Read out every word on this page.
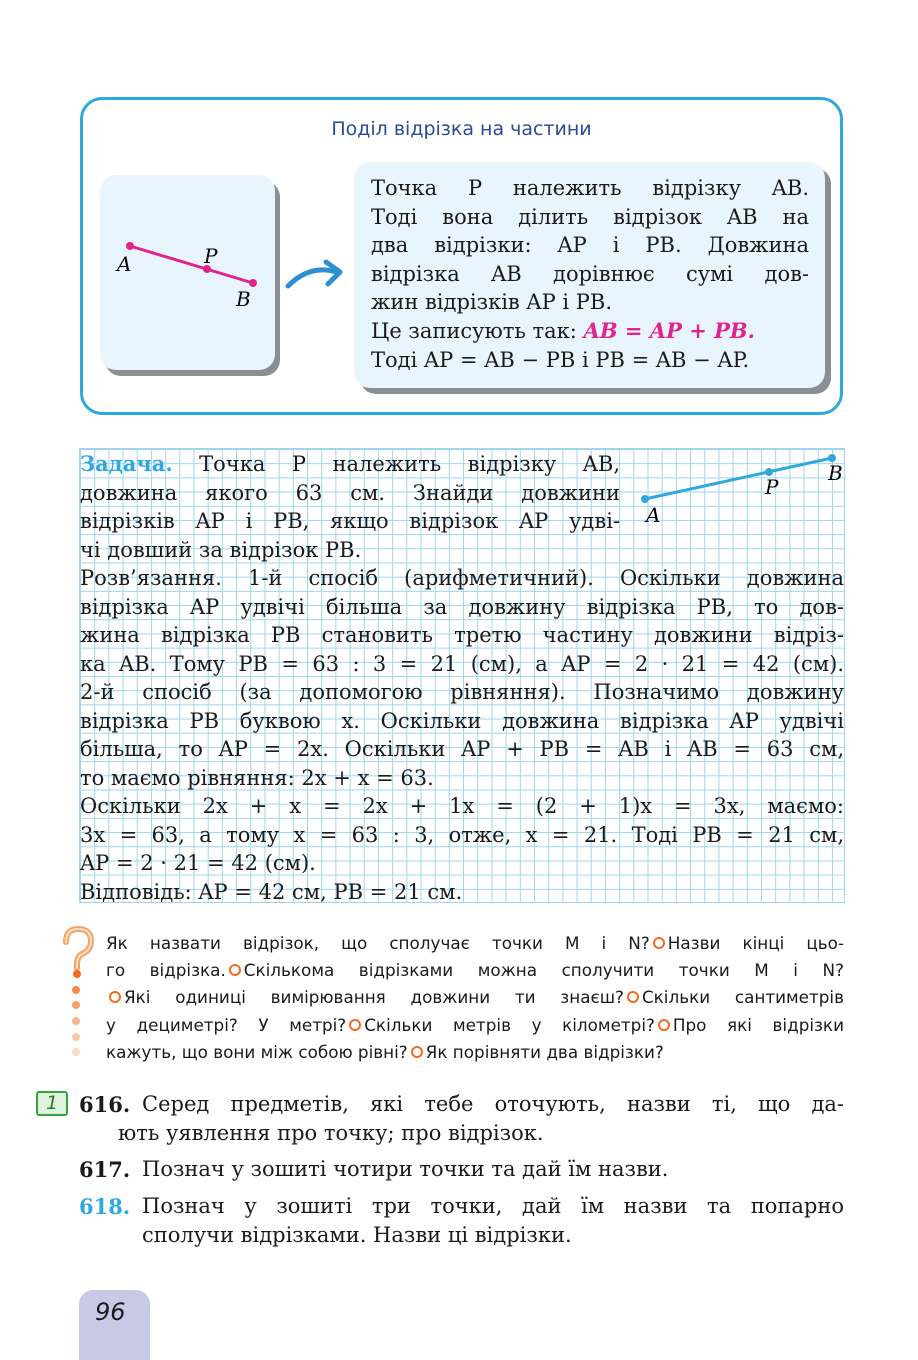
Поділ відрізка на частини
A	P
B

Точка P належить відрізку AB.

Тоді вона ділить відрізок AB на

два відрізки: AP і PB. Довжина

відрізка AB дорівнює сумі дов-

жин відрізків AP і PB.

Це записують так: AB = AP + PB.

Тоді AP = AB − PB і PB = AB − AP.

A
P
B
Задача. Точка P належить відрізку AB,
довжина якого 63 см. Знайди довжини
відрізків AP і PB, якщо відрізок AP удві-
чі довший за відрізок PB.
Розв’язання. 1-й спосіб (арифметичний). Оскільки довжина
відрізка AP удвічі більша за довжину відрізка PB, то дов-
жина відрізка PB становить третю частину довжини відріз-
ка AB. Тому PB = 63 : 3 = 21 (см), а AP = 2 · 21 = 42 (см).
2-й спосіб (за допомогою рівняння). Позначимо довжину
відрізка PB буквою x. Оскільки довжина відрізка AP удвічі
більша, то AP = 2x. Оскільки AP + PB = AB і AB = 63 см,
то маємо рівняння: 2x + x = 63.
Оскільки 2x + x = 2x + 1x = (2 + 1)x = 3x, маємо:
3x = 63, а тому x = 63 : 3, отже, x = 21. Тоді PB = 21 см,
AP = 2 · 21 = 42 (см).
Відповідь: AP = 42 см, PB = 21 см.
Як назвати відрізок, що сполучає точки M і N? Назви кінці цьо-
го відрізка. Скількома відрізками можна сполучити точки M і N?
Які одиниці вимірювання довжини ти знаєш? Скільки сантиметрів
у дециметрі? У метрі? Скільки метрів у кілометрі? Про які відрізки
кажуть, що вони між собою рівні? Як порівняти два відрізки?
1 616. Серед предметів, які тебе оточують, назви ті, що да-
ють уявлення про точку; про відрізок.
617. Познач у зошиті чотири точки та дай їм назви.
618. Познач у зошиті три точки, дай їм назви та попарно
сполучи відрізками. Назви ці відрізки.
96
